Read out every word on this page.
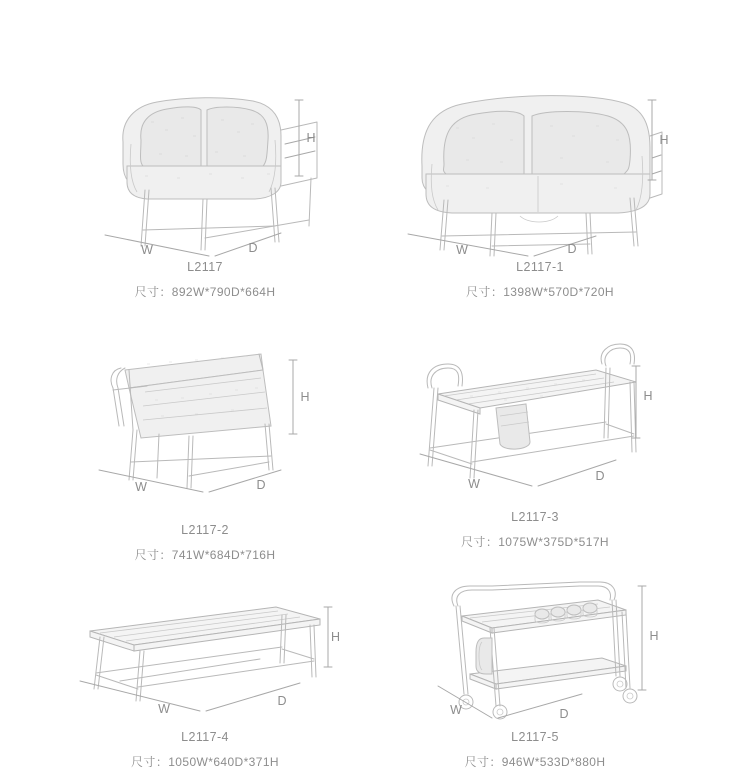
W	D
H
L2117
尺寸：892W*790D*664H
W	D
H
L2117-1
尺寸：1398W*570D*720H
W	D
H
L2117-2
尺寸：741W*684D*716H
W
D
H
L2117-3
尺寸：1075W*375D*517H
W
D
H
L2117-4
尺寸：1050W*640D*371H
W	D
H
L2117-5
尺寸：946W*533D*880H
